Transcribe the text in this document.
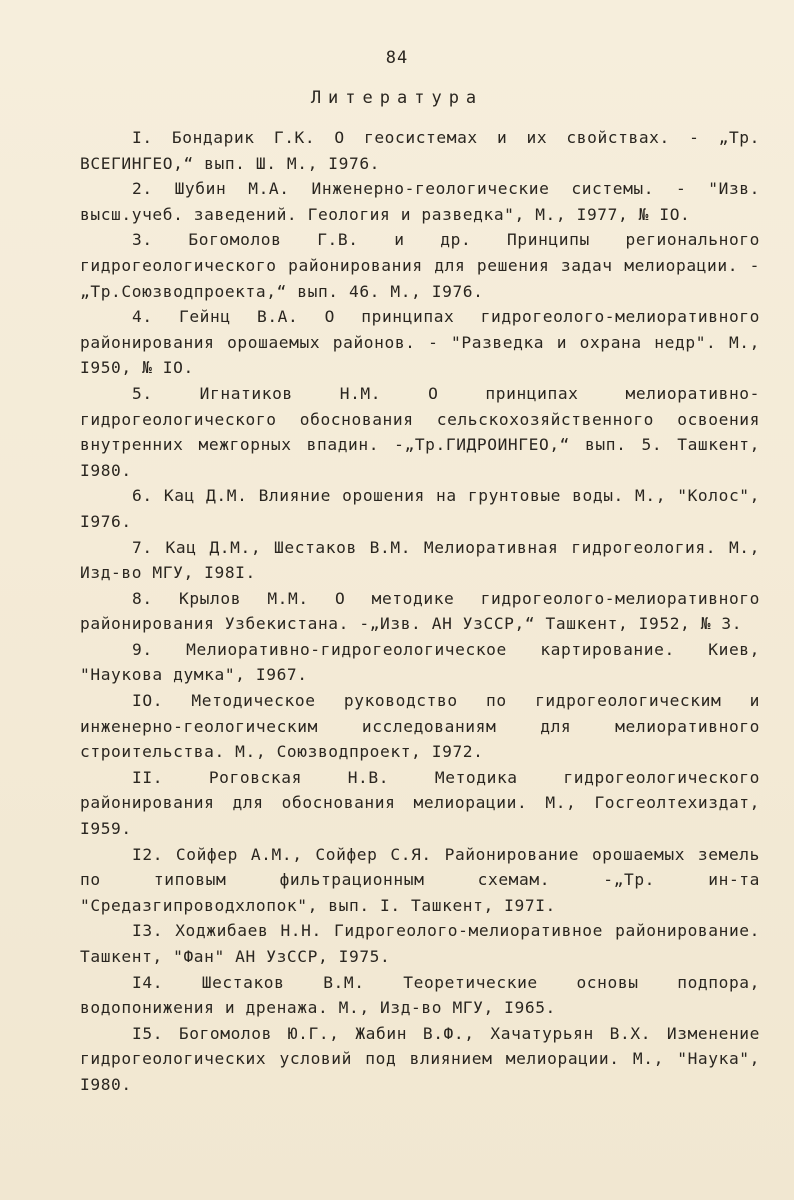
84
Литература

I. Бондарик Г.К. О геосистемах и их свойствах. - „Тр. ВСЕГИНГЕО,“ вып. Ш. М., I976.

2. Шубин М.А. Инженерно-геологические системы. - "Изв. высш.учеб. заведений. Геология и разведка", М., I977, № IO.

3. Богомолов Г.В. и др. Принципы регионального гидрогеологического районирования для решения задач мелиорации. -„Тр.Союзводпроекта,“ вып. 46. М., I976.

4. Гейнц В.А. О принципах гидрогеолого-мелиоративного районирования орошаемых районов. - "Разведка и охрана недр". М., I950, № IO.

5. Игнатиков Н.М. О принципах мелиоративно-гидрогеологического обоснования сельскохозяйственного освоения внутренних межгорных впадин. -„Тр.ГИДРОИНГЕО,“ вып. 5. Ташкент, I980.

6. Кац Д.М. Влияние орошения на грунтовые воды. М., "Колос", I976.

7. Кац Д.М., Шестаков В.М. Мелиоративная гидрогеология. М., Изд-во МГУ, I98I.

8. Крылов М.М. О методике гидрогеолого-мелиоративного районирования Узбекистана. -„Изв. АН УзССР,“ Ташкент, I952, № 3.

9. Мелиоративно-гидрогеологическое картирование. Киев, "Наукова думка", I967.

IO. Методическое руководство по гидрогеологическим и инженерно-геологическим исследованиям для мелиоративного строительства. М., Союзводпроект, I972.

II. Роговская Н.В. Методика гидрогеологического районирования для обоснования мелиорации. М., Госгеолтехиздат, I959.

I2. Сойфер А.М., Сойфер С.Я. Районирование орошаемых земель по типовым фильтрационным схемам. -„Тр. ин-та "Средазгипроводхлопок", вып. I. Ташкент, I97I.

I3. Ходжибаев Н.Н. Гидрогеолого-мелиоративное районирование. Ташкент, "Фан" АН УзССР, I975.

I4. Шестаков В.М. Теоретические основы подпора, водопонижения и дренажа. М., Изд-во МГУ, I965.

I5. Богомолов Ю.Г., Жабин В.Ф., Хачатурьян В.Х. Изменение гидрогеологических условий под влиянием мелиорации. М., "Наука", I980.
